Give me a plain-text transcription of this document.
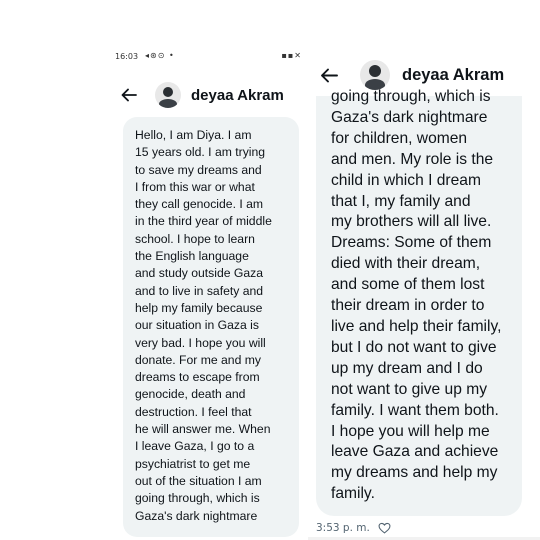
16:03 ◂⊛⊙ •	▪▪✕
deyaa Akram

Hello, I am Diya. I am
15 years old. I am trying
to save my dreams and
I from this war or what
they call genocide. I am
in the third year of middle
school. I hope to learn
the English language
and study outside Gaza
and to live in safety and
help my family because
our situation in Gaza is
very bad. I hope you will
donate. For me and my
dreams to escape from
genocide, death and
destruction. I feel that
he will answer me. When
I leave Gaza, I go to a
psychiatrist to get me
out of the situation I am
going through, which is
Gaza's dark nightmare

deyaa Akram

going through, which is
Gaza's dark nightmare
for children, women
and men. My role is the
child in which I dream
that I, my family and
my brothers will all live.
Dreams: Some of them
died with their dream,
and some of them lost
their dream in order to
live and help their family,
but I do not want to give
up my dream and I do
not want to give up my
family. I want them both.
I hope you will help me
leave Gaza and achieve
my dreams and help my
family.

3:53 p. m.
